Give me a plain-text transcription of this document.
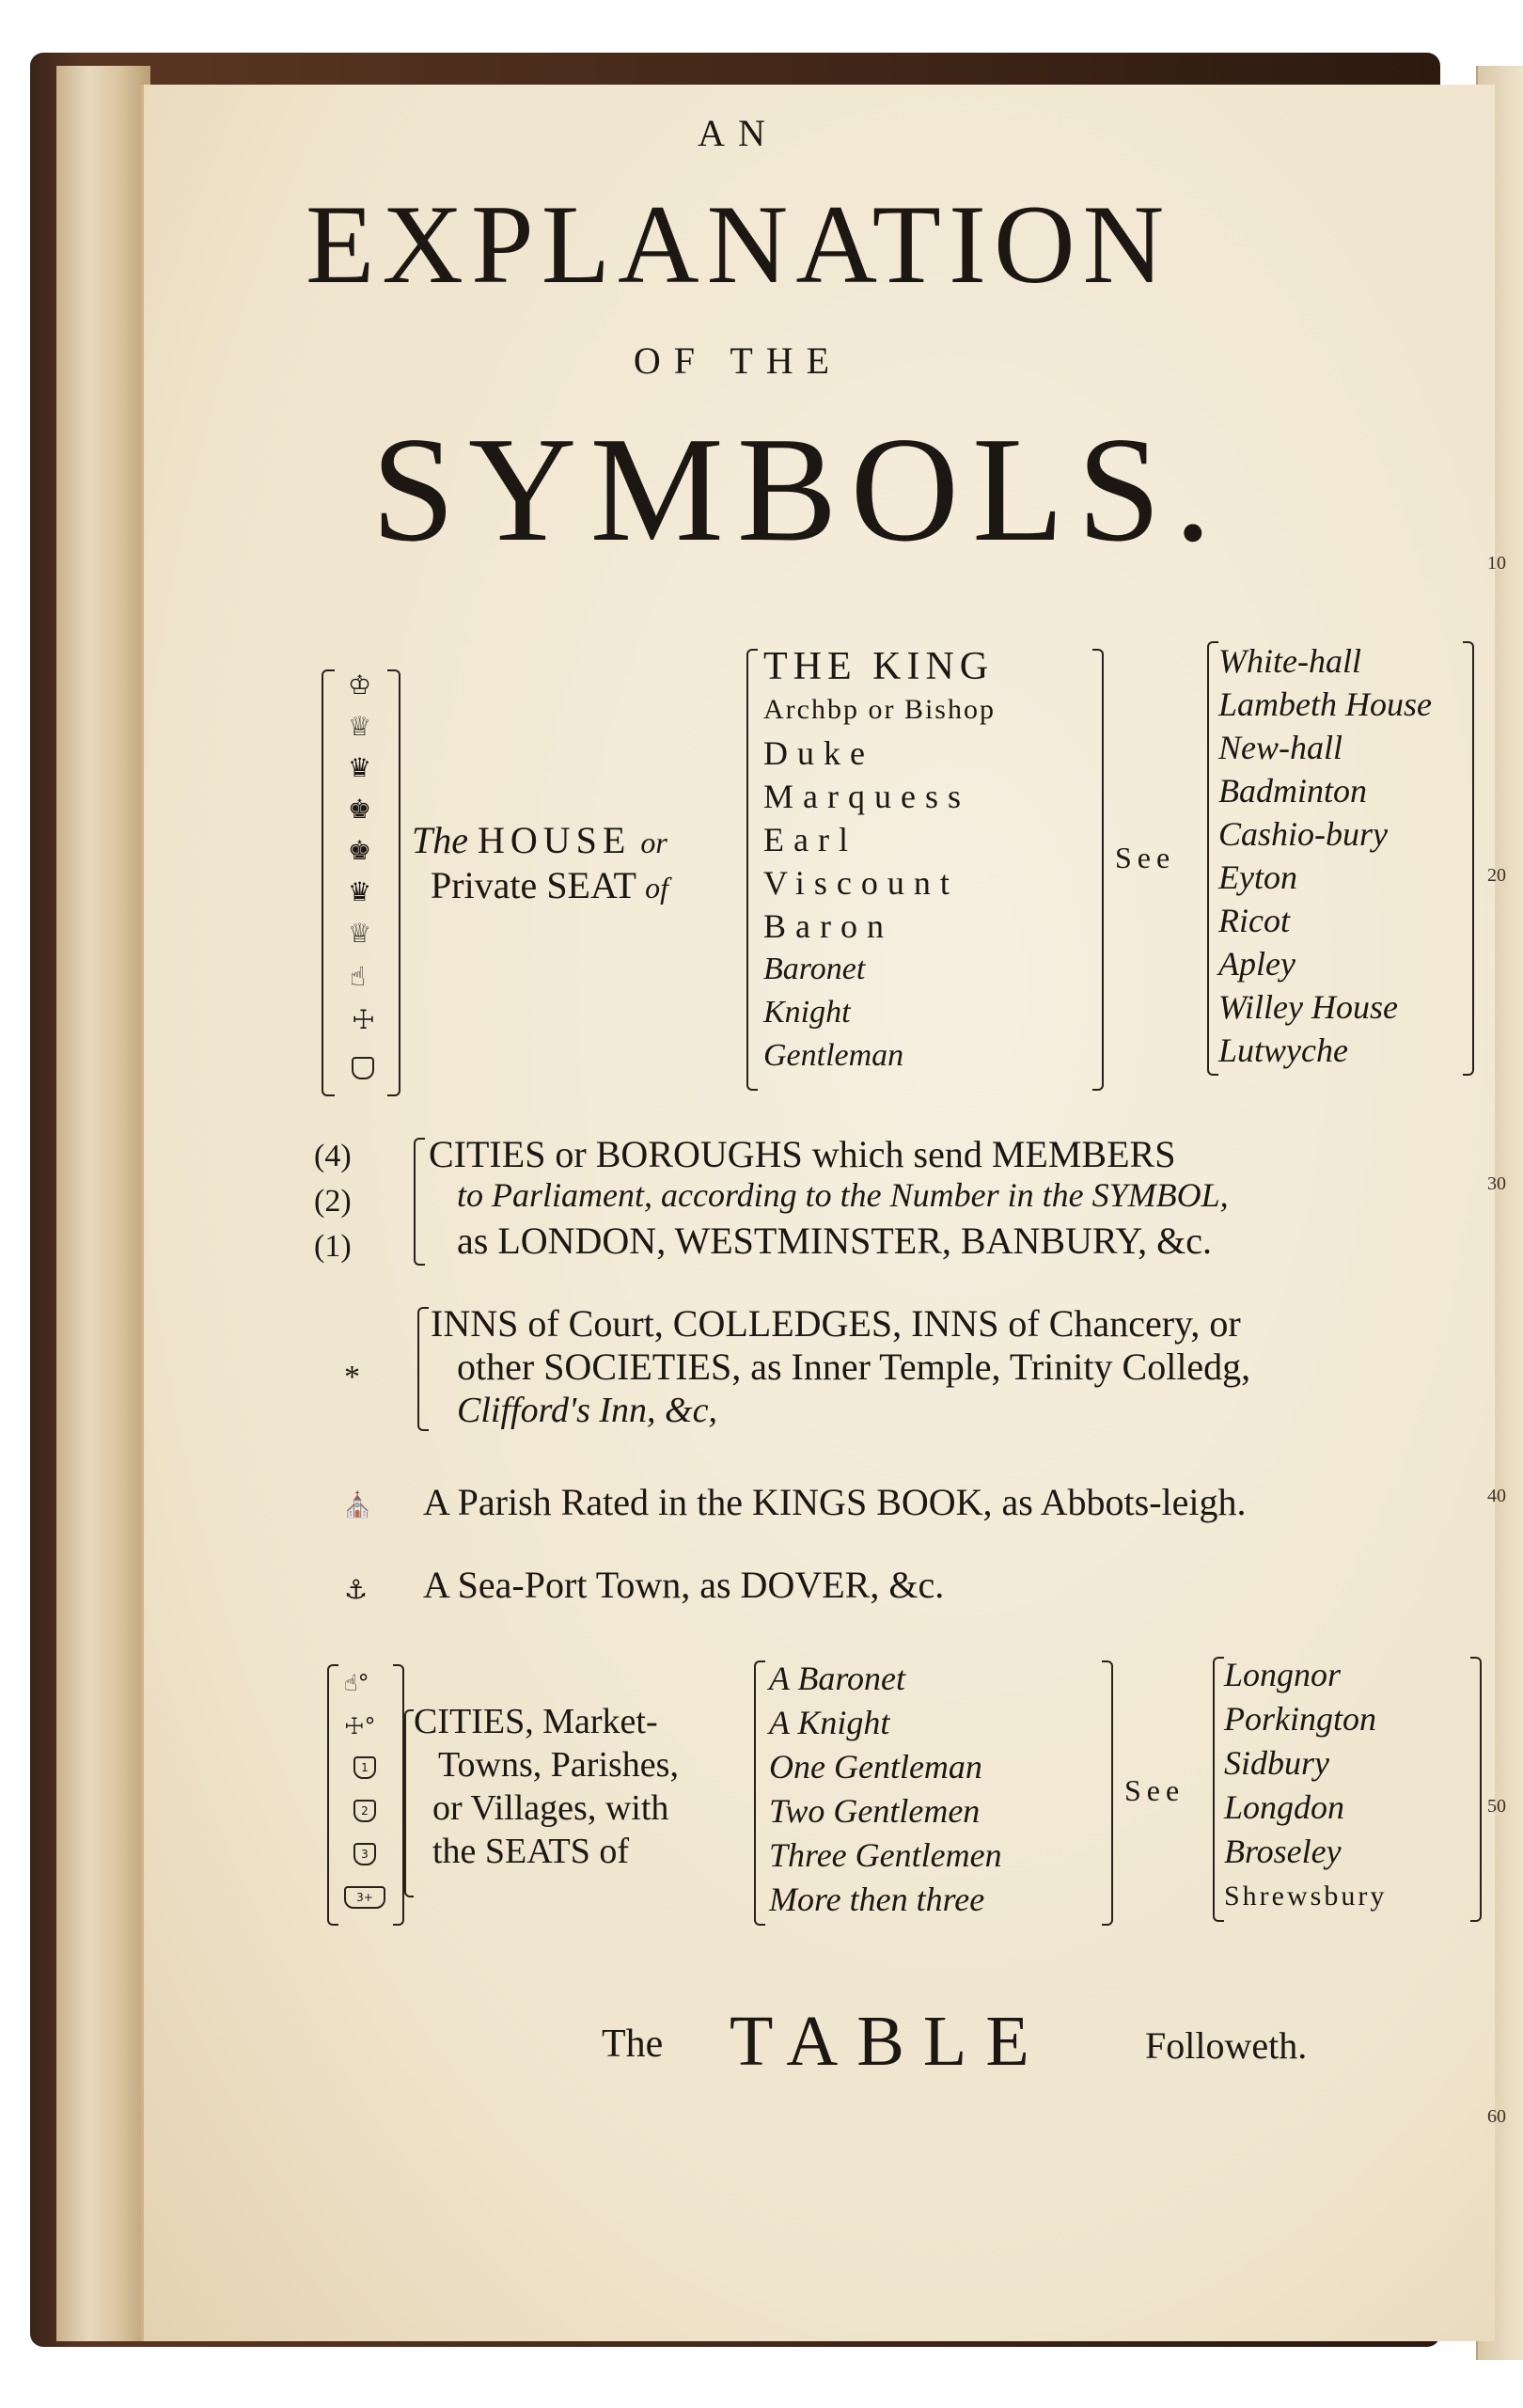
10
20
30
40
50
60
AN
EXPLANATION
OF THE
SYMBOLS.
♔
♕
♛
♚
♚
♛
♕
☝
☩
The HOUSE or
Private SEAT of
THE KING
Archbp or Bishop
Duke
Marquess
Earl
Viscount
Baron
Baronet
Knight
Gentleman
See
White-hall
Lambeth House
New-hall
Badminton
Cashio-bury
Eyton
Ricot
Apley
Willey House
Lutwyche
(4)
(2)
(1)
CITIES or BOROUGHS which send MEMBERS
to Parliament, according to the Number in the SYMBOL,
as LONDON, WESTMINSTER, BANBURY, &c.
*
INNS of Court, COLLEDGES, INNS of Chancery, or
other SOCIETIES, as Inner Temple, Trinity Colledg,
Clifford's Inn, &c,
⛪ A Parish Rated in the KINGS BOOK, as Abbots-leigh.
⚓ A Sea-Port Town, as DOVER, &c.
☝°
☩°
1
2
3
3+
CITIES, Market-
Towns, Parishes,
or Villages, with
the SEATS of
A Baronet
A Knight
One Gentleman
Two Gentlemen
Three Gentlemen
More then three
See
Longnor
Porkington
Sidbury
Longdon
Broseley
Shrewsbury
The TABLE	Followeth.
